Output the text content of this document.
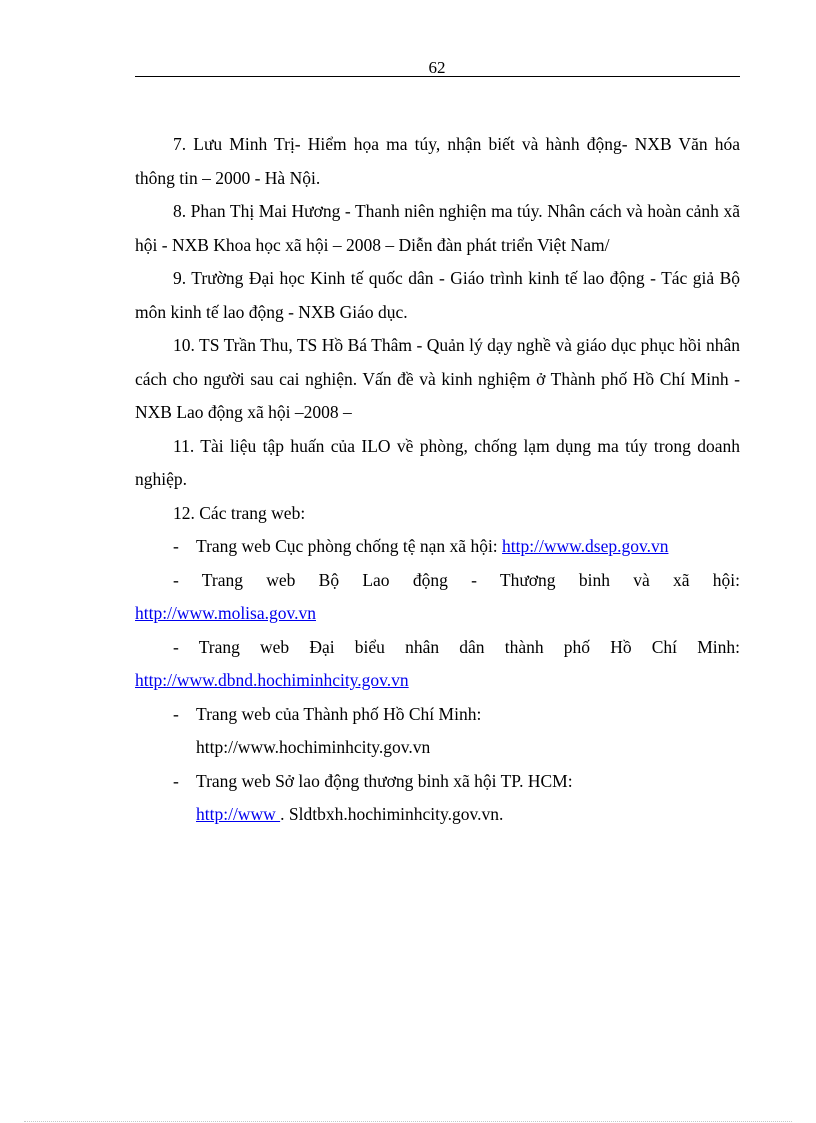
62

7. Lưu Minh Trị- Hiểm họa ma túy, nhận biết và hành động- NXB Văn hóa thông tin – 2000 - Hà Nội.

8. Phan Thị Mai Hương - Thanh niên nghiện ma túy. Nhân cách và hoàn cảnh xã hội - NXB Khoa học xã hội – 2008 – Diễn đàn phát triển Việt Nam/

9. Trường Đại học Kinh tế quốc dân - Giáo trình kinh tế lao động - Tác giả Bộ môn kinh tế lao động - NXB Giáo dục.

10. TS Trần Thu, TS Hồ Bá Thâm - Quản lý dạy nghề và giáo dục phục hồi nhân cách cho người sau cai nghiện. Vấn đề và kinh nghiệm ở Thành phố Hồ Chí Minh - NXB Lao động xã hội –2008 –

11. Tài liệu tập huấn của ILO về phòng, chống lạm dụng ma túy trong doanh nghiệp.

12. Các trang web:

- Trang web Cục phòng chống tệ nạn xã hội: http://www.dsep.gov.vn

- Trang web Bộ Lao động - Thương binh và xã hội:

http://www.molisa.gov.vn

- Trang web Đại biểu nhân dân thành phố Hồ Chí Minh:

http://www.dbnd.hochiminhcity.gov.vn

- Trang web của Thành phố Hồ Chí Minh:

http://www.hochiminhcity.gov.vn

- Trang web Sở lao động thương binh xã hội TP. HCM:

http://www . Sldtbxh.hochiminhcity.gov.vn.
